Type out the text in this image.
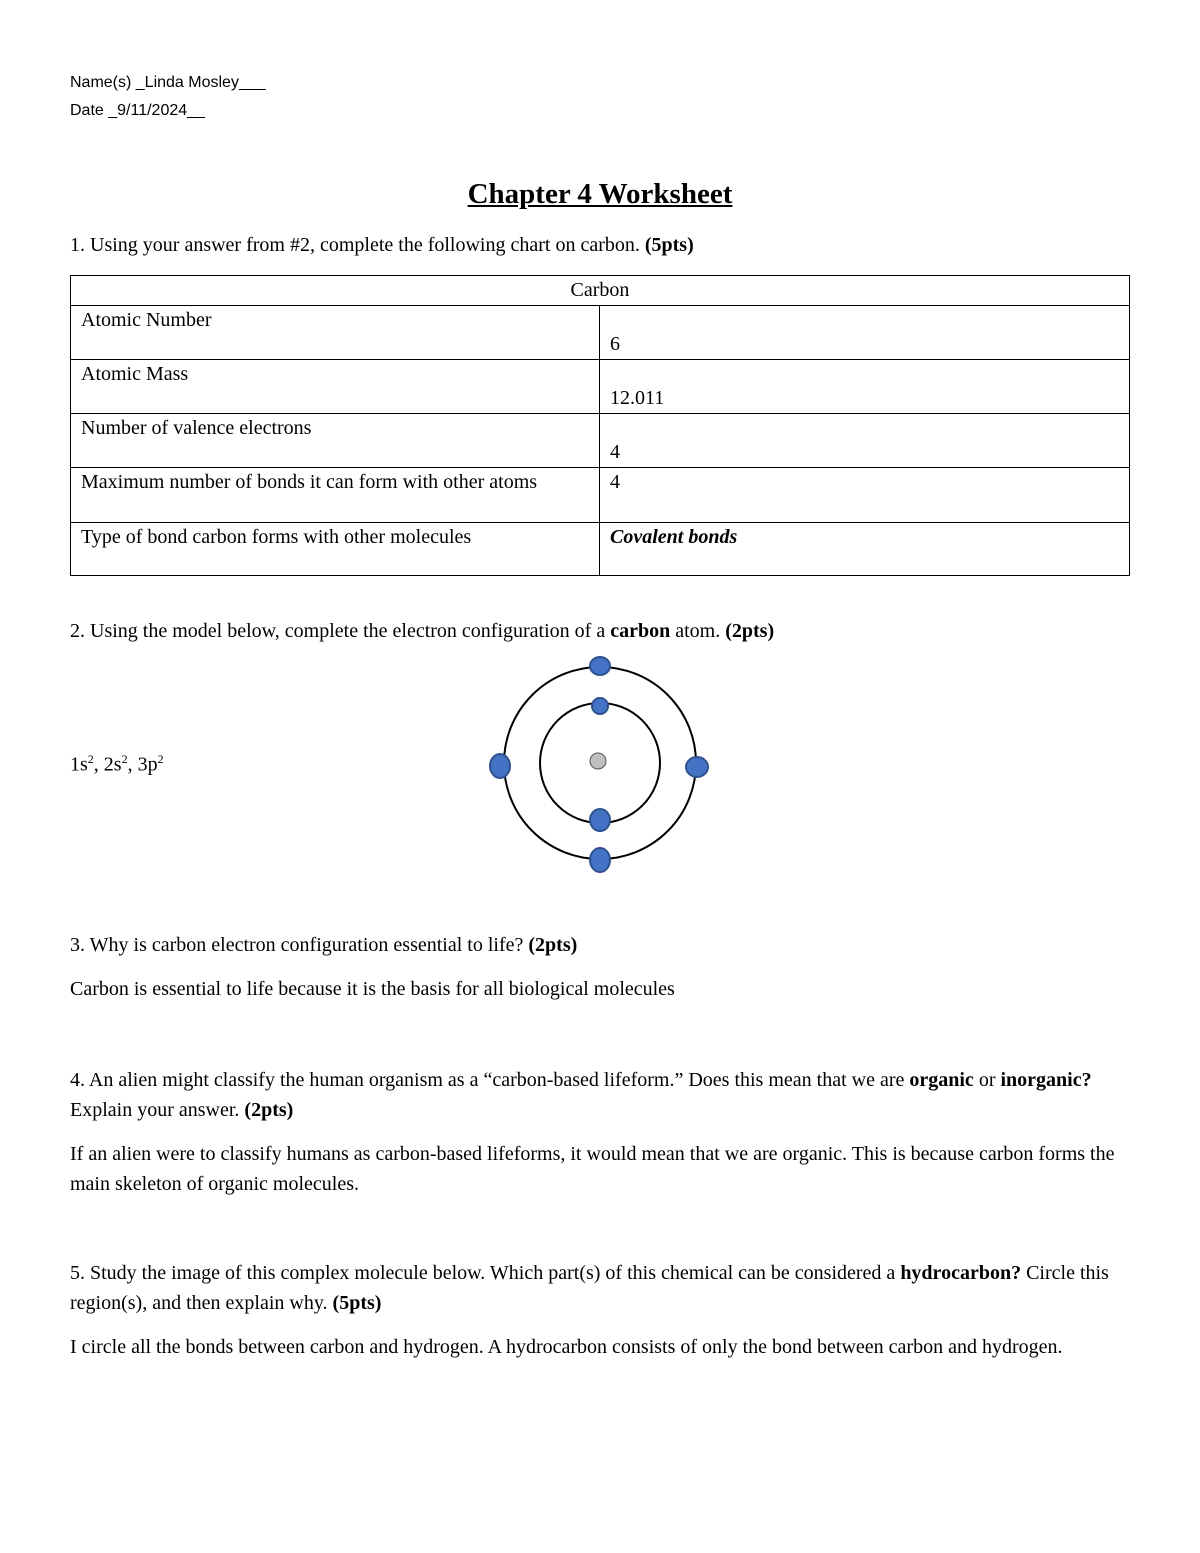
Name(s) _Linda Mosley___
Date _9/11/2024__
Chapter 4 Worksheet
1. Using your answer from #2, complete the following chart on carbon. (5pts)
Carbon	
Atomic Number	6
Atomic Mass	12.011
Number of valence electrons	4
Maximum number of bonds it can form with other atoms	4
Type of bond carbon forms with other molecules	Covalent bonds
2. Using the model below, complete the electron configuration of a carbon atom. (2pts)
$1s^2$, $2s^2$, $3p^2$
3. Why is carbon electron configuration essential to life? (2pts)
Carbon is essential to life because it is the basis for all biological molecules
4. An alien might classify the human organism as a “carbon-based lifeform.” Does this mean that we are organic or inorganic? Explain your answer. (2pts)
If an alien were to classify humans as carbon-based lifeforms, it would mean that we are organic. This is because carbon forms the main skeleton of organic molecules.
5. Study the image of this complex molecule below. Which part(s) of this chemical can be considered a hydrocarbon? Circle this region(s), and then explain why. (5pts)
I circle all the bonds between carbon and hydrogen. A hydrocarbon consists of only the bond between carbon and hydrogen.
